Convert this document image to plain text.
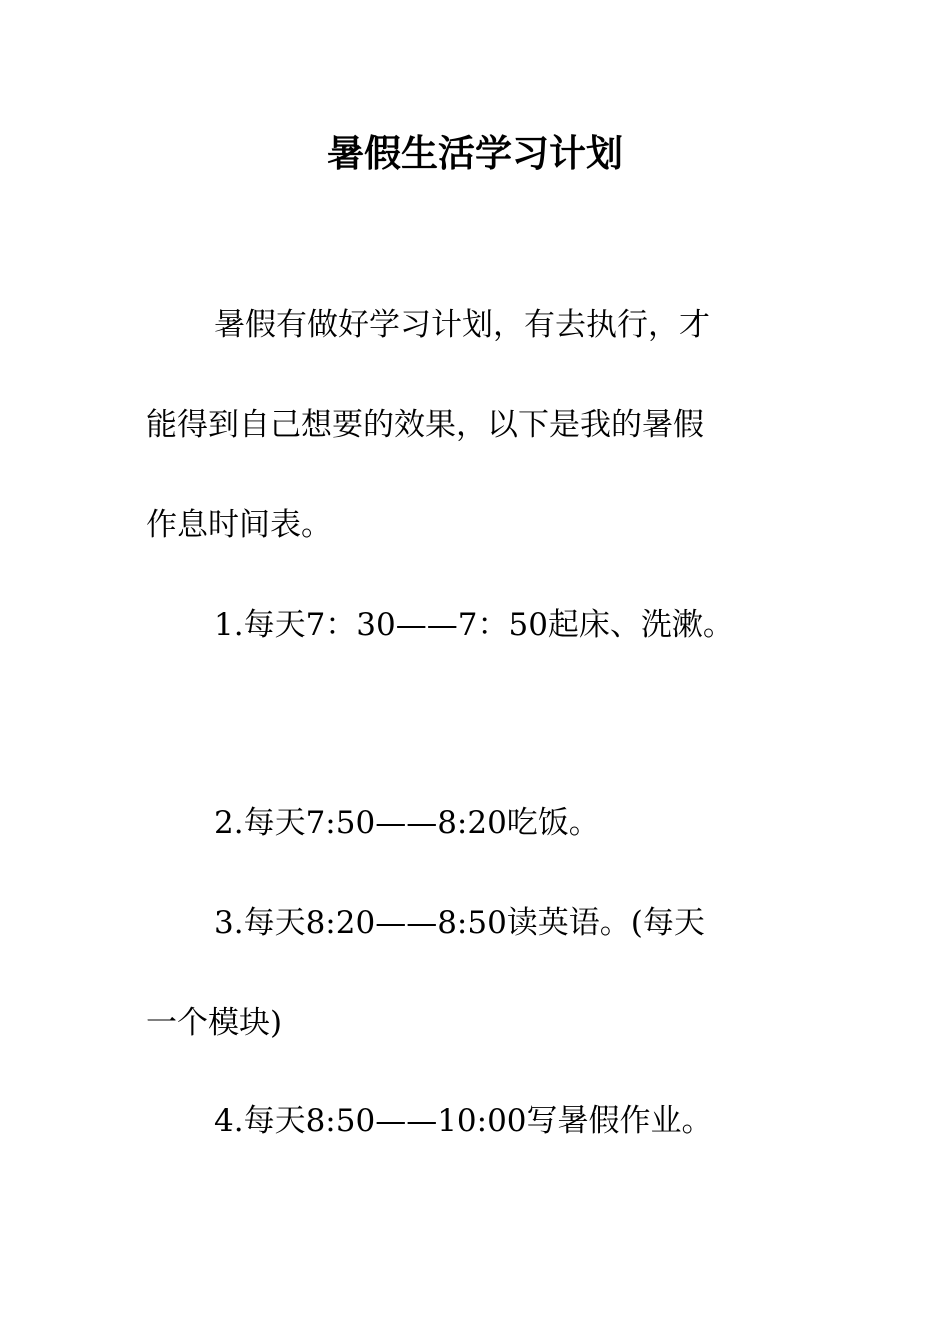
暑假生活学习计划
暑假有做好学习计划，有去执行，才
能得到自己想要的效果，以下是我的暑假
作息时间表。
1.每天7：30——7：50起床、洗漱。
2.每天7:50——8:20吃饭。
3.每天8:20——8:50读英语。(每天
一个模块)
4.每天8:50——10:00写暑假作业。
